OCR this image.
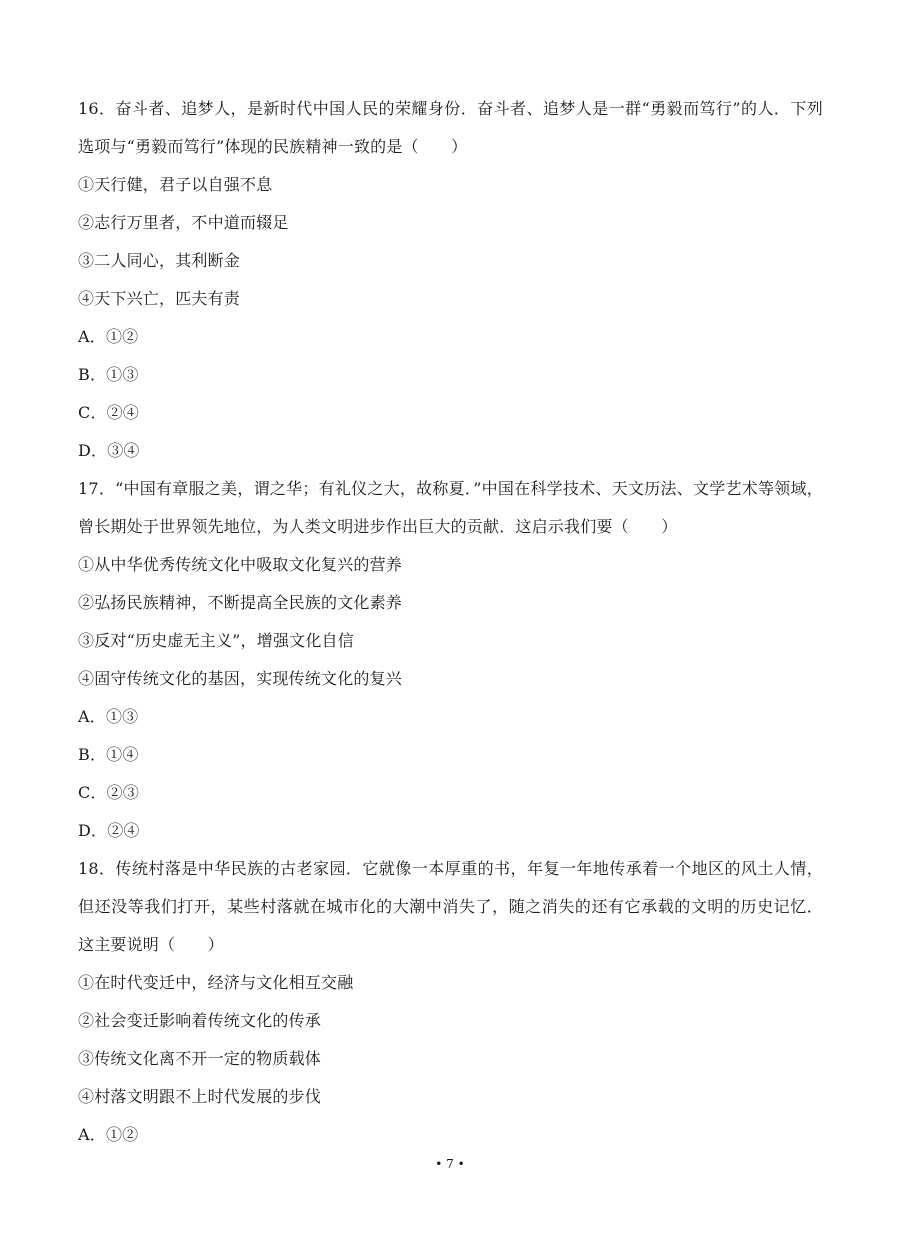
16．奋斗者、追梦人，是新时代中国人民的荣耀身份．奋斗者、追梦人是一群“勇毅而笃行”的人．下列选项与“勇毅而笃行”体现的民族精神一致的是（　　）
①天行健，君子以自强不息
②志行万里者，不中道而辍足
③二人同心，其利断金
④天下兴亡，匹夫有责
A．①②
B．①③
C．②④
D．③④
17．“中国有章服之美，谓之华；有礼仪之大，故称夏．”中国在科学技术、天文历法、文学艺术等领域，曾长期处于世界领先地位，为人类文明进步作出巨大的贡献．这启示我们要（　　）
①从中华优秀传统文化中吸取文化复兴的营养
②弘扬民族精神，不断提高全民族的文化素养
③反对“历史虚无主义”，增强文化自信
④固守传统文化的基因，实现传统文化的复兴
A．①③
B．①④
C．②③
D．②④
18．传统村落是中华民族的古老家园．它就像一本厚重的书，年复一年地传承着一个地区的风土人情，但还没等我们打开，某些村落就在城市化的大潮中消失了，随之消失的还有它承载的文明的历史记忆．这主要说明（　　）
①在时代变迁中，经济与文化相互交融
②社会变迁影响着传统文化的传承
③传统文化离不开一定的物质载体
④村落文明跟不上时代发展的步伐
A．①②
• 7 •
